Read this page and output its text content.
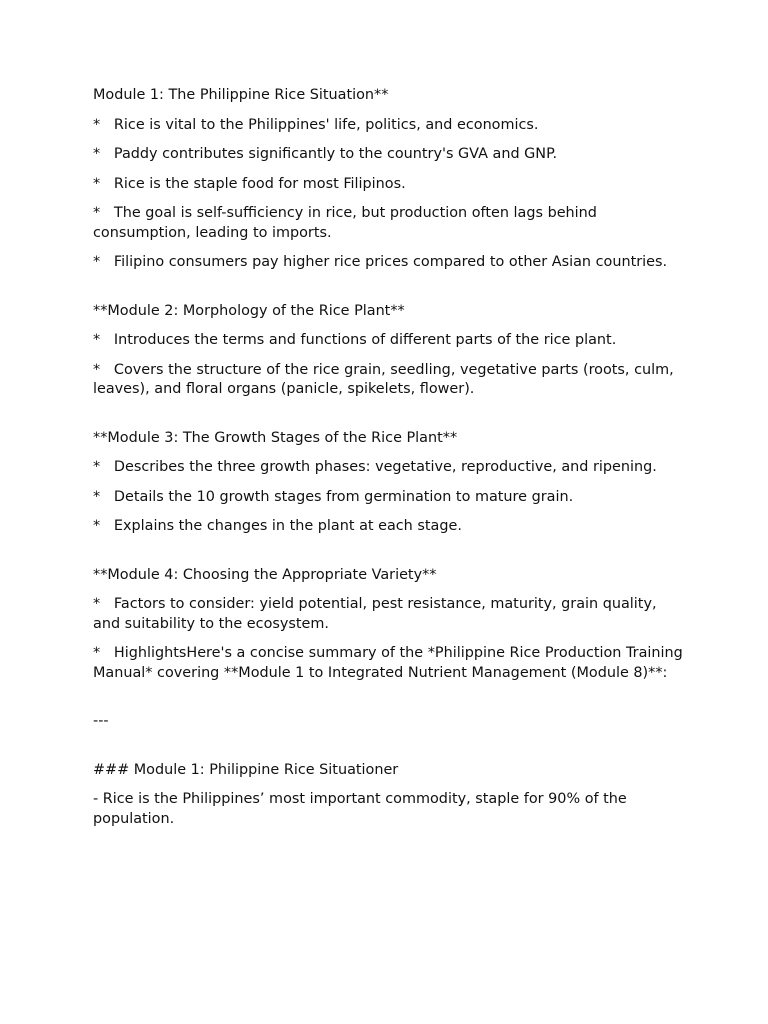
Module 1: The Philippine Rice Situation**

*   Rice is vital to the Philippines' life, politics, and economics.

*   Paddy contributes significantly to the country's GVA and GNP.

*   Rice is the staple food for most Filipinos.

*   The goal is self-sufficiency in rice, but production often lags behind consumption, leading to imports.

*   Filipino consumers pay higher rice prices compared to other Asian countries.

**Module 2: Morphology of the Rice Plant**

*   Introduces the terms and functions of different parts of the rice plant.

*   Covers the structure of the rice grain, seedling, vegetative parts (roots, culm, leaves), and floral organs (panicle, spikelets, flower).

**Module 3: The Growth Stages of the Rice Plant**

*   Describes the three growth phases: vegetative, reproductive, and ripening.

*   Details the 10 growth stages from germination to mature grain.

*   Explains the changes in the plant at each stage.

**Module 4: Choosing the Appropriate Variety**

*   Factors to consider: yield potential, pest resistance, maturity, grain quality, and suitability to the ecosystem.

*   HighlightsHere's a concise summary of the *Philippine Rice Production Training Manual* covering **Module 1 to Integrated Nutrient Management (Module 8)**:

---

### Module 1: Philippine Rice Situationer

- Rice is the Philippines’ most important commodity, staple for 90% of the population.
